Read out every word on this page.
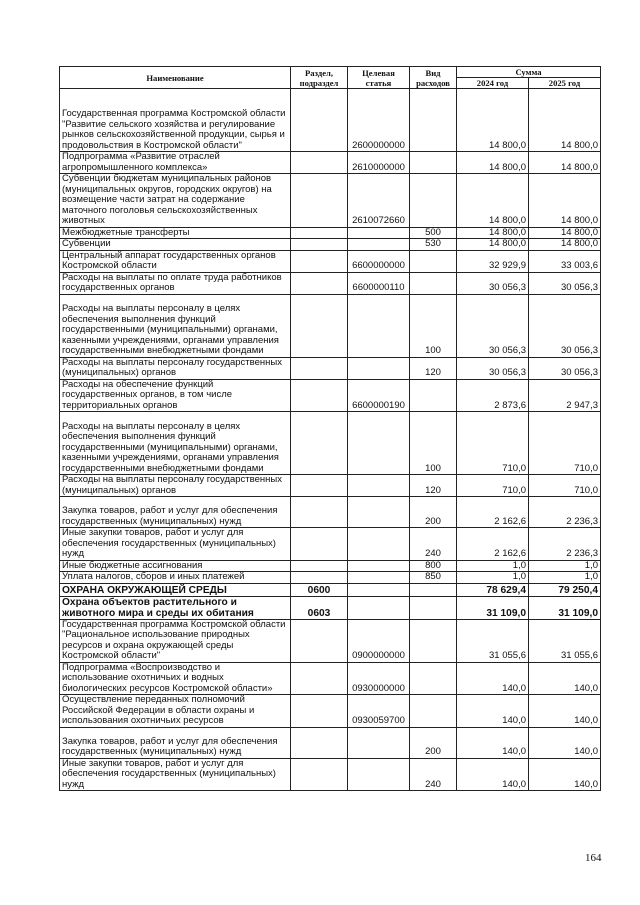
Наименование	Раздел, подраздел	Целевая статья	Вид расходов	Сумма	
				2024 год	2025 год
Государственная программа Костромской области "Развитие сельского хозяйства и регулирование рынков сельскохозяйственной продукции, сырья и продовольствия в Костромской области"		2600000000		14 800,0	14 800,0
Подпрограмма «Развитие отраслей агропромышленного комплекса»		2610000000		14 800,0	14 800,0
Субвенции бюджетам муниципальных районов (муниципальных округов, городских округов) на возмещение части затрат на содержание маточного поголовья сельскохозяйственных животных		2610072660		14 800,0	14 800,0
Межбюджетные трансферты			500	14 800,0	14 800,0
Субвенции			530	14 800,0	14 800,0
Центральный аппарат государственных органов Костромской области		6600000000		32 929,9	33 003,6
Расходы на выплаты по оплате труда работников государственных органов		6600000110		30 056,3	30 056,3
Расходы на выплаты персоналу в целях обеспечения выполнения функций государственными (муниципальными) органами, казенными учреждениями, органами управления государственными внебюджетными фондами			100	30 056,3	30 056,3
Расходы на выплаты персоналу государственных (муниципальных) органов			120	30 056,3	30 056,3
Расходы на обеспечение функций государственных органов, в том числе территориальных органов		6600000190		2 873,6	2 947,3
Расходы на выплаты персоналу в целях обеспечения выполнения функций государственными (муниципальными) органами, казенными учреждениями, органами управления государственными внебюджетными фондами			100	710,0	710,0
Расходы на выплаты персоналу государственных (муниципальных) органов			120	710,0	710,0
Закупка товаров, работ и услуг для обеспечения государственных (муниципальных) нужд			200	2 162,6	2 236,3
Иные закупки товаров, работ и услуг для обеспечения государственных (муниципальных) нужд			240	2 162,6	2 236,3
Иные бюджетные ассигнования			800	1,0	1,0
Уплата налогов, сборов и иных платежей			850	1,0	1,0
ОХРАНА ОКРУЖАЮЩЕЙ СРЕДЫ	0600			78 629,4	79 250,4
Охрана объектов растительного и животного мира и среды их обитания	0603			31 109,0	31 109,0
Государственная программа Костромской области "Рациональное использование природных ресурсов и охрана окружающей среды Костромской области"		0900000000		31 055,6	31 055,6
Подпрограмма «Воспроизводство и использование охотничьих и водных биологических ресурсов Костромской области»		0930000000		140,0	140,0
Осуществление переданных полномочий Российской Федерации в области охраны и использования охотничьих ресурсов		0930059700		140,0	140,0
Закупка товаров, работ и услуг для обеспечения государственных (муниципальных) нужд			200	140,0	140,0
Иные закупки товаров, работ и услуг для обеспечения государственных (муниципальных) нужд			240	140,0	140,0
164
